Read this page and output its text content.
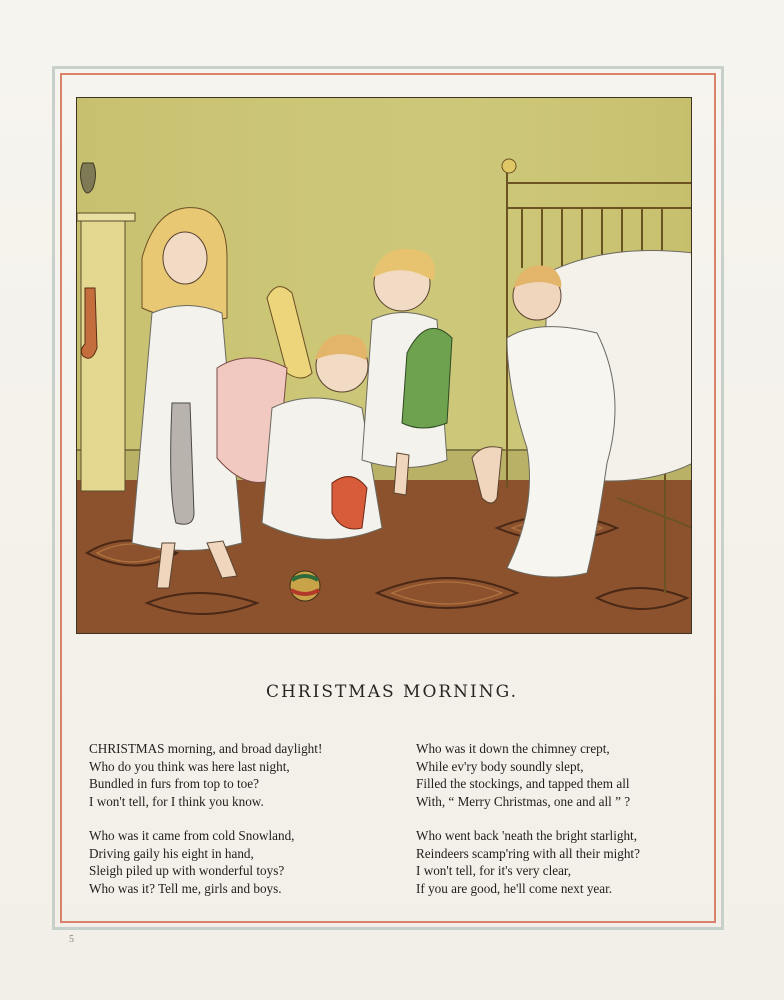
CHRISTMAS MORNING.
CHRISTMAS morning, and broad daylight!
Who do you think was here last night,
Bundled in furs from top to toe?
I won't tell, for I think you know.
Who was it came from cold Snowland,
Driving gaily his eight in hand,
Sleigh piled up with wonderful toys?
Who was it? Tell me, girls and boys.
Who was it down the chimney crept,
While ev'ry body soundly slept,
Filled the stockings, and tapped them all
With, “ Merry Christmas, one and all ” ?
Who went back 'neath the bright starlight,
Reindeers scamp'ring with all their might?
I won't tell, for it's very clear,
If you are good, he'll come next year.
5
